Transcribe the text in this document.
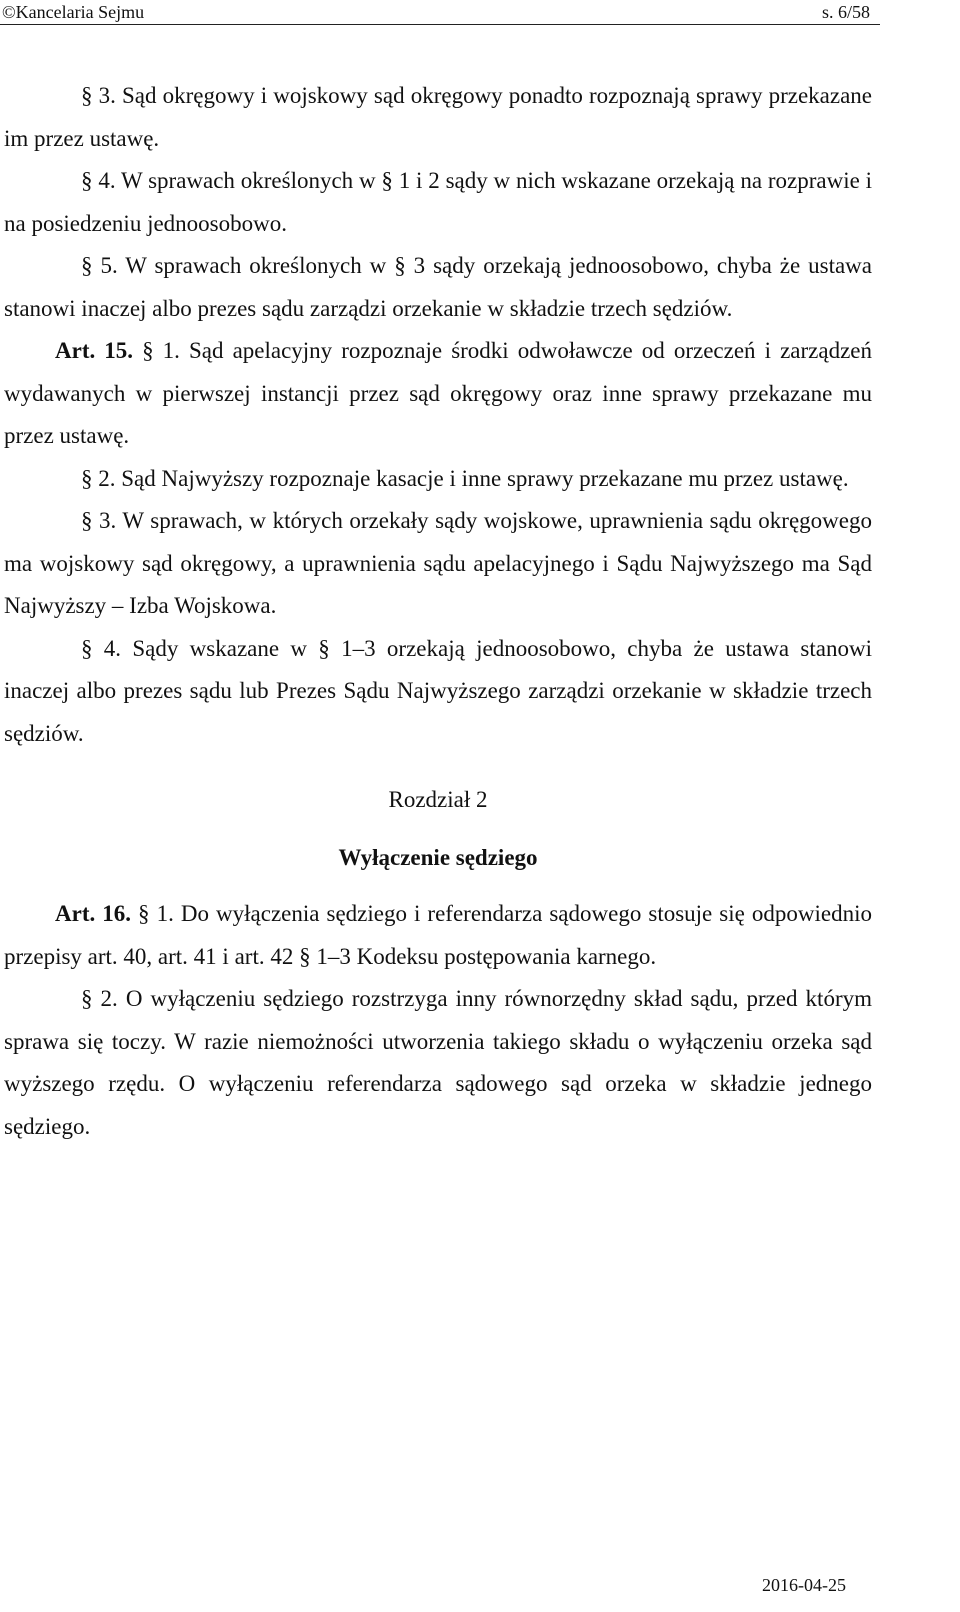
©Kancelaria Sejmu	s. 6/58

§ 3. Sąd okręgowy i wojskowy sąd okręgowy ponadto rozpoznają sprawy przekazane im przez ustawę.

§ 4. W sprawach określonych w § 1 i 2 sądy w nich wskazane orzekają na rozprawie i na posiedzeniu jednoosobowo.

§ 5. W sprawach określonych w § 3 sądy orzekają jednoosobowo, chyba że ustawa stanowi inaczej albo prezes sądu zarządzi orzekanie w składzie trzech sędziów.

Art. 15. § 1. Sąd apelacyjny rozpoznaje środki odwoławcze od orzeczeń i zarządzeń wydawanych w pierwszej instancji przez sąd okręgowy oraz inne sprawy przekazane mu przez ustawę.

§ 2. Sąd Najwyższy rozpoznaje kasacje i inne sprawy przekazane mu przez ustawę.

§ 3. W sprawach, w których orzekały sądy wojskowe, uprawnienia sądu okręgowego ma wojskowy sąd okręgowy, a uprawnienia sądu apelacyjnego i Sądu Najwyższego ma Sąd Najwyższy – Izba Wojskowa.

§ 4. Sądy wskazane w § 1–3 orzekają jednoosobowo, chyba że ustawa stanowi inaczej albo prezes sądu lub Prezes Sądu Najwyższego zarządzi orzekanie w składzie trzech sędziów.

Rozdział 2
Wyłączenie sędziego

Art. 16. § 1. Do wyłączenia sędziego i referendarza sądowego stosuje się odpowiednio przepisy art. 40, art. 41 i art. 42 § 1–3 Kodeksu postępowania karnego.

§ 2. O wyłączeniu sędziego rozstrzyga inny równorzędny skład sądu, przed którym sprawa się toczy. W razie niemożności utworzenia takiego składu o wyłączeniu orzeka sąd wyższego rzędu. O wyłączeniu referendarza sądowego sąd orzeka w składzie jednego sędziego.

2016-04-25
